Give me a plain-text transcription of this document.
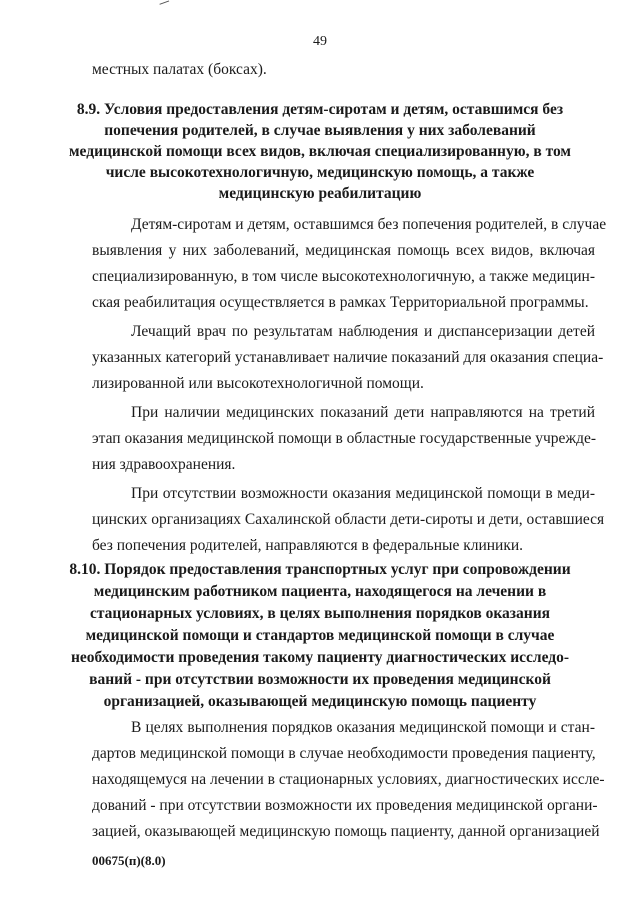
49
местных палатах (боксах).
8.9. Условия предоставления детям-сиротам и детям, оставшимся без
попечения родителей, в случае выявления у них заболеваний
медицинской помощи всех видов, включая специализированную, в том
числе высокотехнологичную, медицинскую помощь, а также
медицинскую реабилитацию
Детям-сиротам и детям, оставшимся без попечения родителей, в случае
выявления у них заболеваний, медицинская помощь всех видов, включая
специализированную, в том числе высокотехнологичную, а также медицин-
ская реабилитация осуществляется в рамках Территориальной программы.
Лечащий врач по результатам наблюдения и диспансеризации детей
указанных категорий устанавливает наличие показаний для оказания специа-
лизированной или высокотехнологичной помощи.
При наличии медицинских показаний дети направляются на третий
этап оказания медицинской помощи в областные государственные учрежде-
ния здравоохранения.
При отсутствии возможности оказания медицинской помощи в меди-
цинских организациях Сахалинской области дети-сироты и дети, оставшиеся
без попечения родителей, направляются в федеральные клиники.
8.10. Порядок предоставления транспортных услуг при сопровождении
медицинским работником пациента, находящегося на лечении в
стационарных условиях, в целях выполнения порядков оказания
медицинской помощи и стандартов медицинской помощи в случае
необходимости проведения такому пациенту диагностических исследо-
ваний - при отсутствии возможности их проведения медицинской
организацией, оказывающей медицинскую помощь пациенту
В целях выполнения порядков оказания медицинской помощи и стан-
дартов медицинской помощи в случае необходимости проведения пациенту,
находящемуся на лечении в стационарных условиях, диагностических иссле-
дований - при отсутствии возможности их проведения медицинской органи-
зацией, оказывающей медицинскую помощь пациенту, данной организацией
00675(п)(8.0)
